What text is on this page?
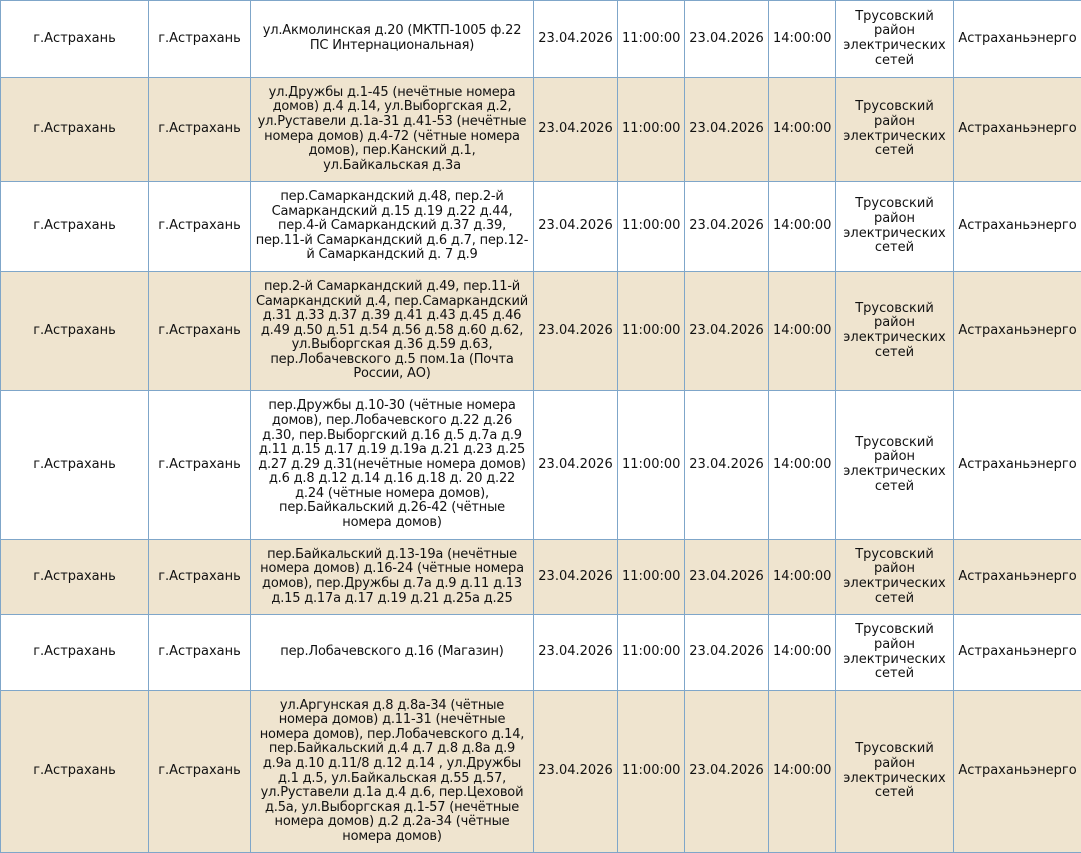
г.Астрахань	г.Астрахань	ул.Акмолинская д.20 (МКТП-1005 ф.22 ПС Интернациональная)	23.04.2026	11:00:00	23.04.2026	14:00:00	Трусовский район электрических сетей	Астраханьэнерго
г.Астрахань	г.Астрахань	ул.Дружбы д.1-45 (нечётные номера домов) д.4 д.14, ул.Выборгская д.2, ул.Руставели д.1а-31 д.41-53 (нечётные номера домов) д.4-72 (чётные номера домов), пер.Канский д.1, ул.Байкальская д.3а	23.04.2026	11:00:00	23.04.2026	14:00:00	Трусовский район электрических сетей	Астраханьэнерго
г.Астрахань	г.Астрахань	пер.Самаркандский д.48, пер.2-й Самаркандский д.15 д.19 д.22 д.44, пер.4-й Самаркандский д.37 д.39, пер.11-й Самаркандский д.6 д.7, пер.12-й Самаркандский д. 7 д.9	23.04.2026	11:00:00	23.04.2026	14:00:00	Трусовский район электрических сетей	Астраханьэнерго
г.Астрахань	г.Астрахань	пер.2-й Самаркандский д.49, пер.11-й Самаркандский д.4, пер.Самаркандский д.31 д.33 д.37 д.39 д.41 д.43 д.45 д.46 д.49 д.50 д.51 д.54 д.56 д.58 д.60 д.62, ул.Выборгская д.36 д.59 д.63, пер.Лобачевского д.5 пом.1а (Почта России, АО)	23.04.2026	11:00:00	23.04.2026	14:00:00	Трусовский район электрических сетей	Астраханьэнерго
г.Астрахань	г.Астрахань	пер.Дружбы д.10-30 (чётные номера домов), пер.Лобачевского д.22 д.26 д.30, пер.Выборгский д.16 д.5 д.7а д.9 д.11 д.15 д.17 д.19 д.19а д.21 д.23 д.25 д.27 д.29 д.31(нечётные номера домов) д.6 д.8 д.12 д.14 д.16 д.18 д. 20 д.22 д.24 (чётные номера домов), пер.Байкальский д.26-42 (чётные номера домов)	23.04.2026	11:00:00	23.04.2026	14:00:00	Трусовский район электрических сетей	Астраханьэнерго
г.Астрахань	г.Астрахань	пер.Байкальский д.13-19а (нечётные номера домов) д.16-24 (чётные номера домов), пер.Дружбы д.7а д.9 д.11 д.13 д.15 д.17а д.17 д.19 д.21 д.25а д.25	23.04.2026	11:00:00	23.04.2026	14:00:00	Трусовский район электрических сетей	Астраханьэнерго
г.Астрахань	г.Астрахань	пер.Лобачевского д.16 (Магазин)	23.04.2026	11:00:00	23.04.2026	14:00:00	Трусовский район электрических сетей	Астраханьэнерго
г.Астрахань	г.Астрахань	ул.Аргунская д.8 д.8а-34 (чётные номера домов) д.11-31 (нечётные номера домов), пер.Лобачевского д.14, пер.Байкальский д.4 д.7 д.8 д.8а д.9 д.9а д.10 д.11/8 д.12 д.14 , ул.Дружбы д.1 д.5, ул.Байкальская д.55 д.57, ул.Руставели д.1а д.4 д.6, пер.Цеховой д.5а, ул.Выборгская д.1-57 (нечётные номера домов) д.2 д.2а-34 (чётные номера домов)	23.04.2026	11:00:00	23.04.2026	14:00:00	Трусовский район электрических сетей	Астраханьэнерго
